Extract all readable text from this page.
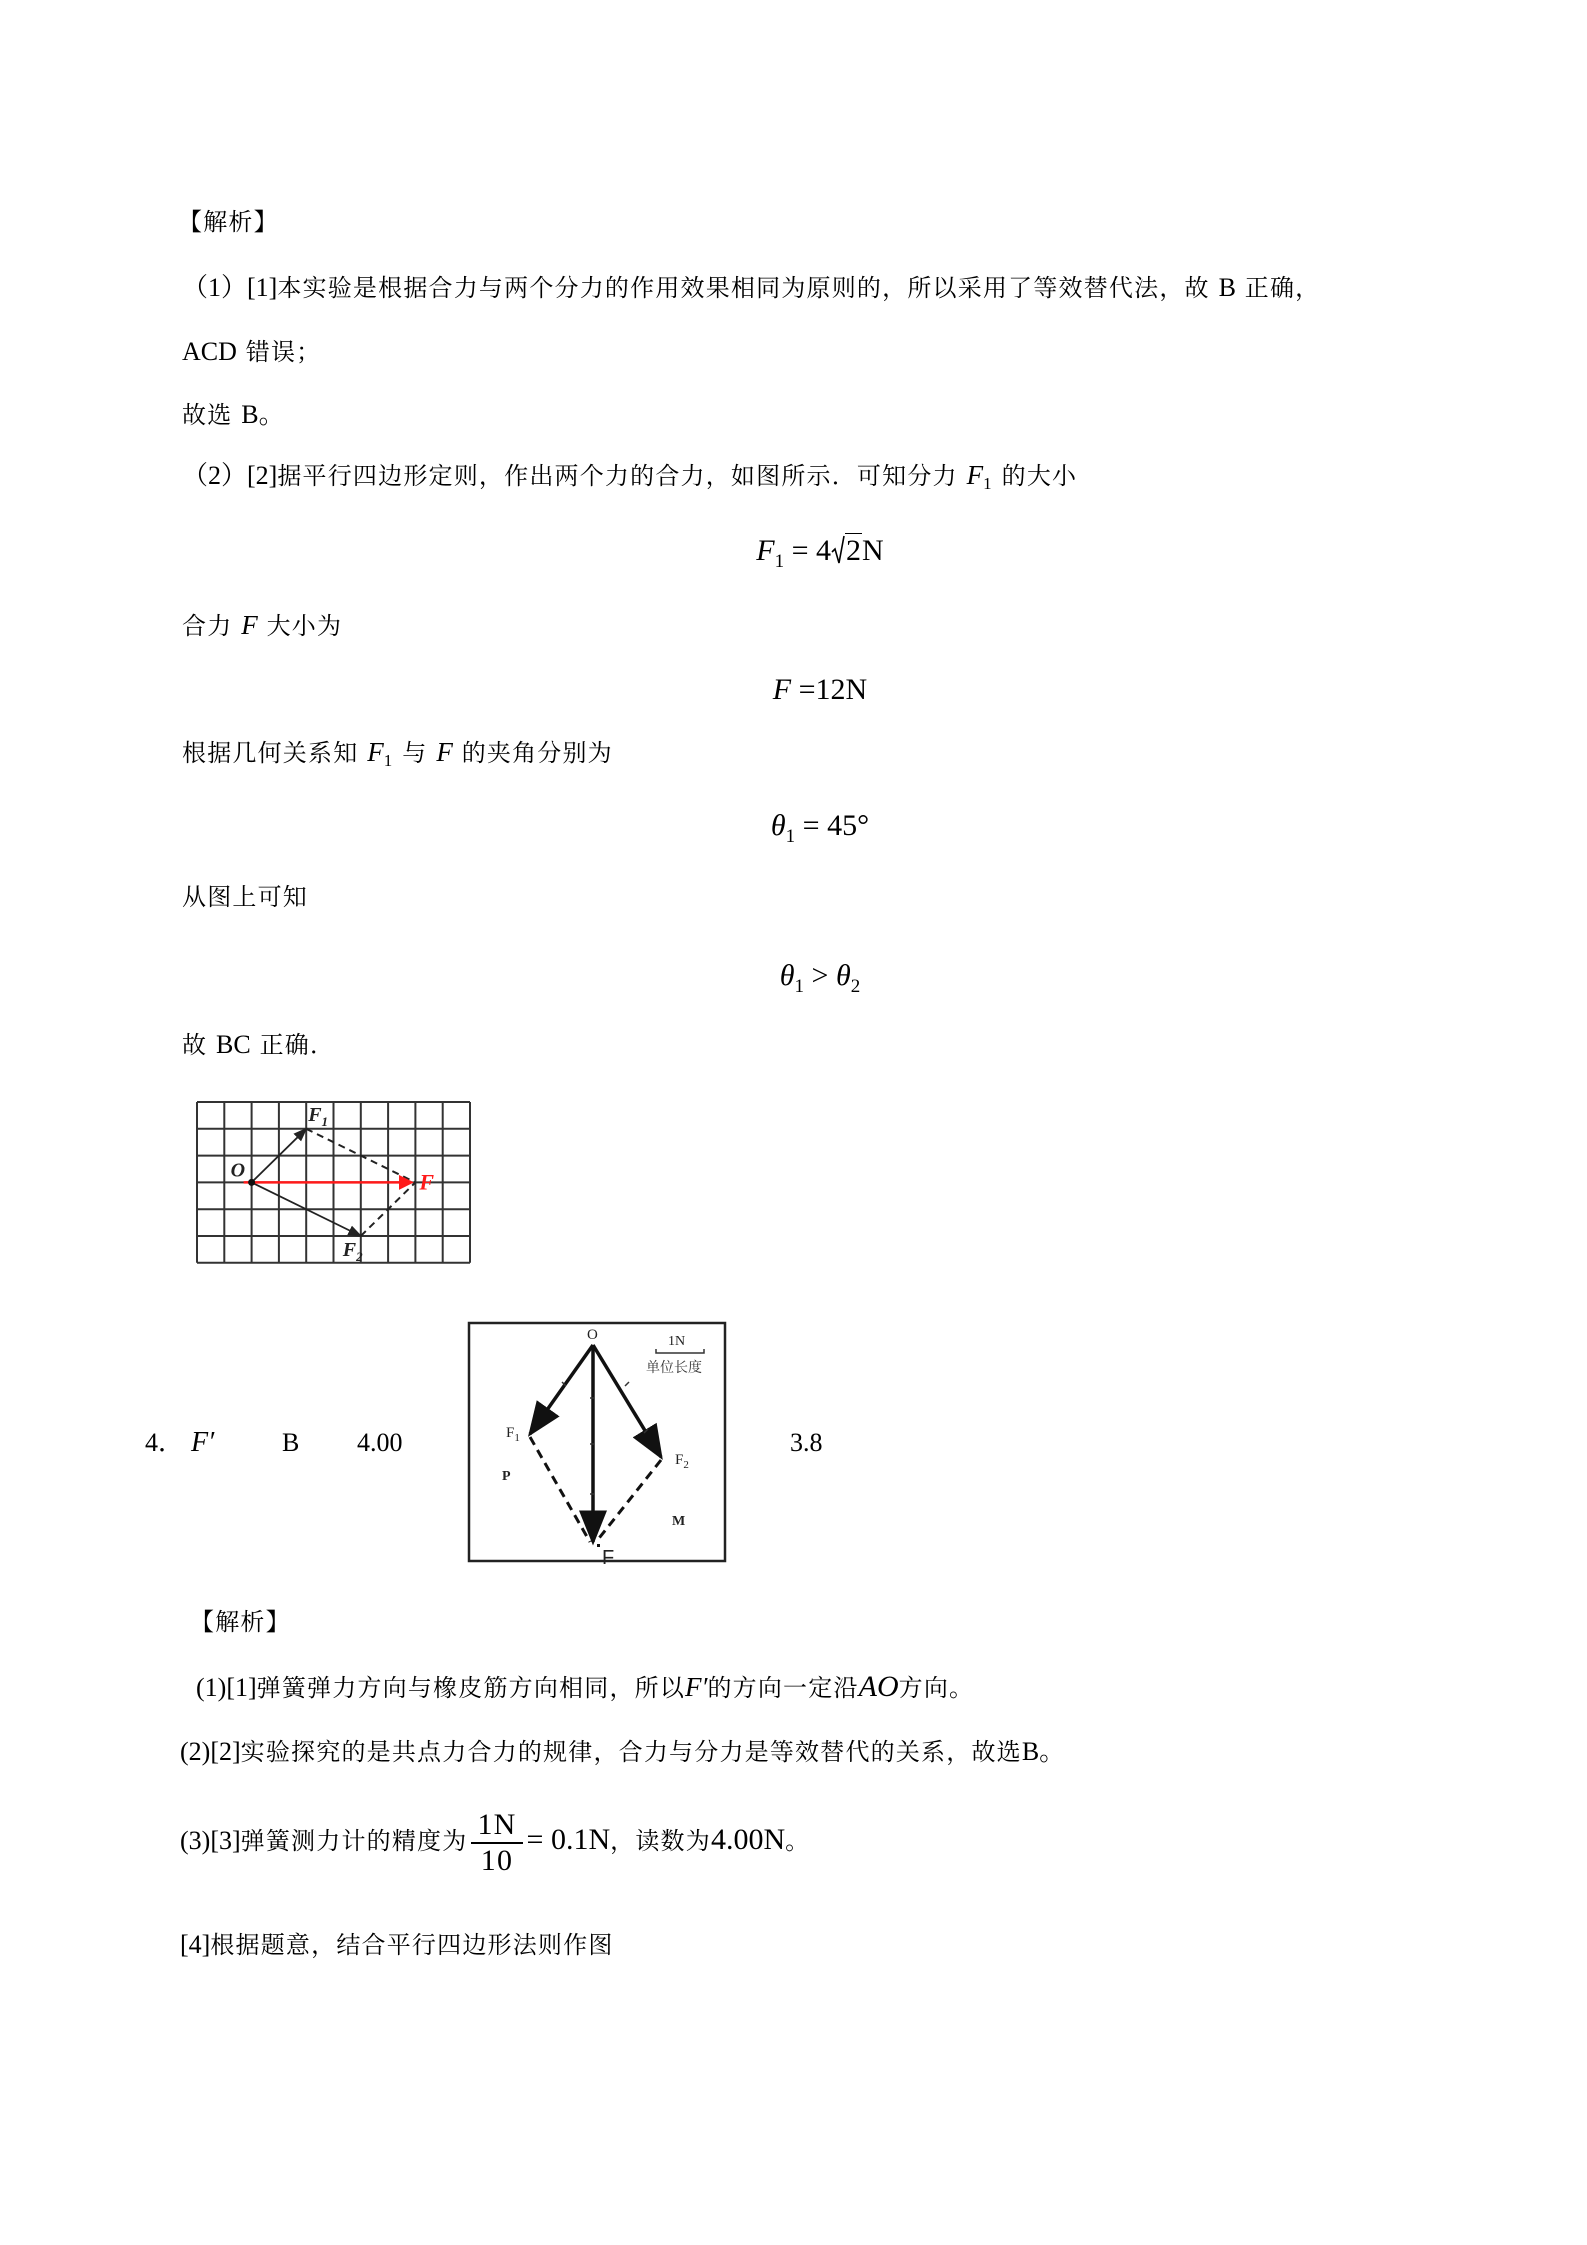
【解析】
（1）[1]本实验是根据合力与两个分力的作用效果相同为原则的，所以采用了等效替代法，故 B 正确，
ACD 错误；
故选 B。
（2）[2]据平行四边形定则，作出两个力的合力，如图所示．可知分力 $F_1$ 的大小
$F_1 = 4$ 2N
合力 F 大小为
F =12N
根据几何关系知 $F_1$ 与 F 的夹角分别为
$\theta_1 = 45^\circ$
从图上可知
$\theta_1 > \theta_2$
故 BC 正确．
O
$F_1$
$F_2$
F
4． F′	B 4.00	3.8
O
$F_1$
$F_2$
F
P
M
1N
单位长度
【解析】
(1)[1]弹簧弹力方向与橡皮筋方向相同，所以F′的方向一定沿AO方向。
(2)[2]实验探究的是共点力合力的规律，合力与分力是等效替代的关系，故选B。
(3)[3]弹簧测力计的精度为 $\frac{1N}{10} = 0.1N$，读数为4.00N。
[4]根据题意，结合平行四边形法则作图
